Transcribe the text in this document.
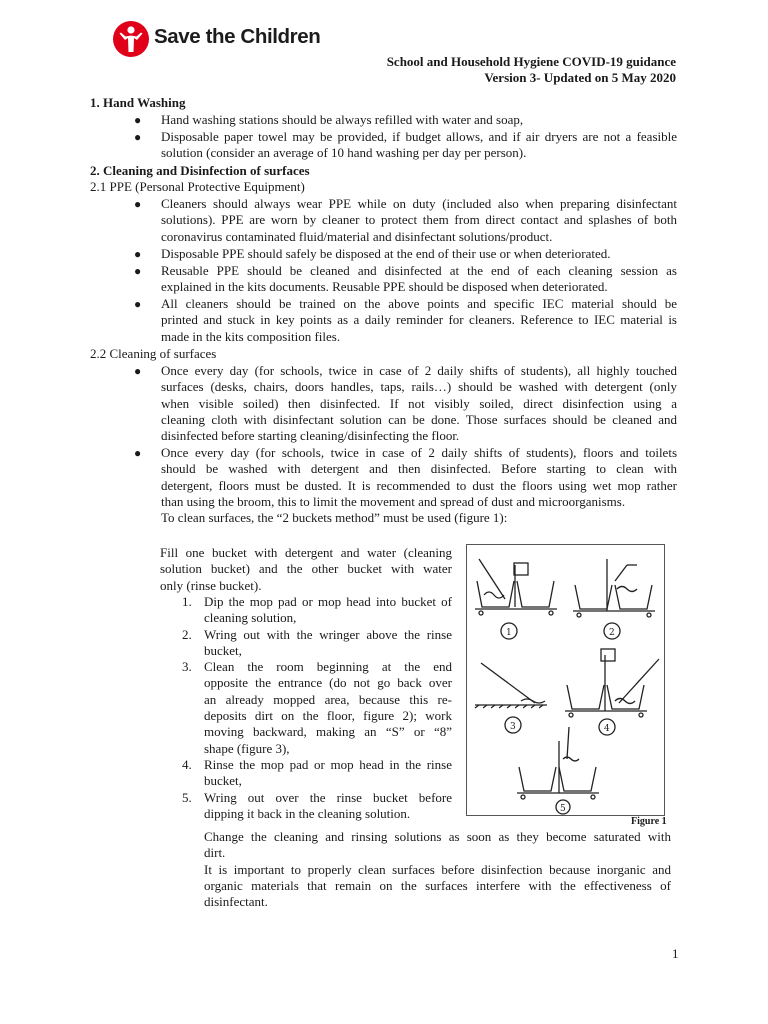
Save the Children
School and Household Hygiene COVID-19 guidance
Version 3- Updated on 5 May 2020
1. Hand Washing
● Hand washing stations should be always refilled with water and soap,
● Disposable paper towel may be provided, if budget allows, and if air dryers are not a feasible
solution (consider an average of 10 hand washing per day per person).
2. Cleaning and Disinfection of surfaces
2.1 PPE (Personal Protective Equipment)
● Cleaners should always wear PPE while on duty (included also when preparing disinfectant
solutions). PPE are worn by cleaner to protect them from direct contact and splashes of both
coronavirus contaminated fluid/material and disinfectant solutions/product.
● Disposable PPE should safely be disposed at the end of their use or when deteriorated.
● Reusable PPE should be cleaned and disinfected at the end of each cleaning session as
explained in the kits documents. Reusable PPE should be disposed when deteriorated.
● All cleaners should be trained on the above points and specific IEC material should be
printed and stuck in key points as a daily reminder for cleaners. Reference to IEC material is
made in the kits composition files.
2.2 Cleaning of surfaces
● Once every day (for schools, twice in case of 2 daily shifts of students), all highly touched
surfaces (desks, chairs, doors handles, taps, rails…) should be washed with detergent (only
when visible soiled) then disinfected. If not visibly soiled, direct disinfection using a
cleaning cloth with disinfectant solution can be done. Those surfaces should be cleaned and
disinfected before starting cleaning/disinfecting the floor.
● Once every day (for schools, twice in case of 2 daily shifts of students), floors and toilets
should be washed with detergent and then disinfected. Before starting to clean with
detergent, floors must be dusted. It is recommended to dust the floors using wet mop rather
than using the broom, this to limit the movement and spread of dust and microorganisms.
To clean surfaces, the “2 buckets method” must be used (figure 1):
Fill one bucket with detergent and water (cleaning
solution bucket) and the other bucket with water
only (rinse bucket).
1. Dip the mop pad or mop head into bucket of
cleaning solution,
2. Wring out with the wringer above the rinse
bucket,
3. Clean the room beginning at the end
opposite the entrance (do not go back over
an already mopped area, because this re-
deposits dirt on the floor, figure 2); work
moving backward, making an “S” or “8”
shape (figure 3),
4. Rinse the mop pad or mop head in the rinse
bucket,
5. Wring out over the rinse bucket before
dipping it back in the cleaning solution.
1	2
3	4
5
Figure 1
Change the cleaning and rinsing solutions as soon as they become saturated with
dirt.
It is important to properly clean surfaces before disinfection because inorganic and
organic materials that remain on the surfaces interfere with the effectiveness of
disinfectant.
1
